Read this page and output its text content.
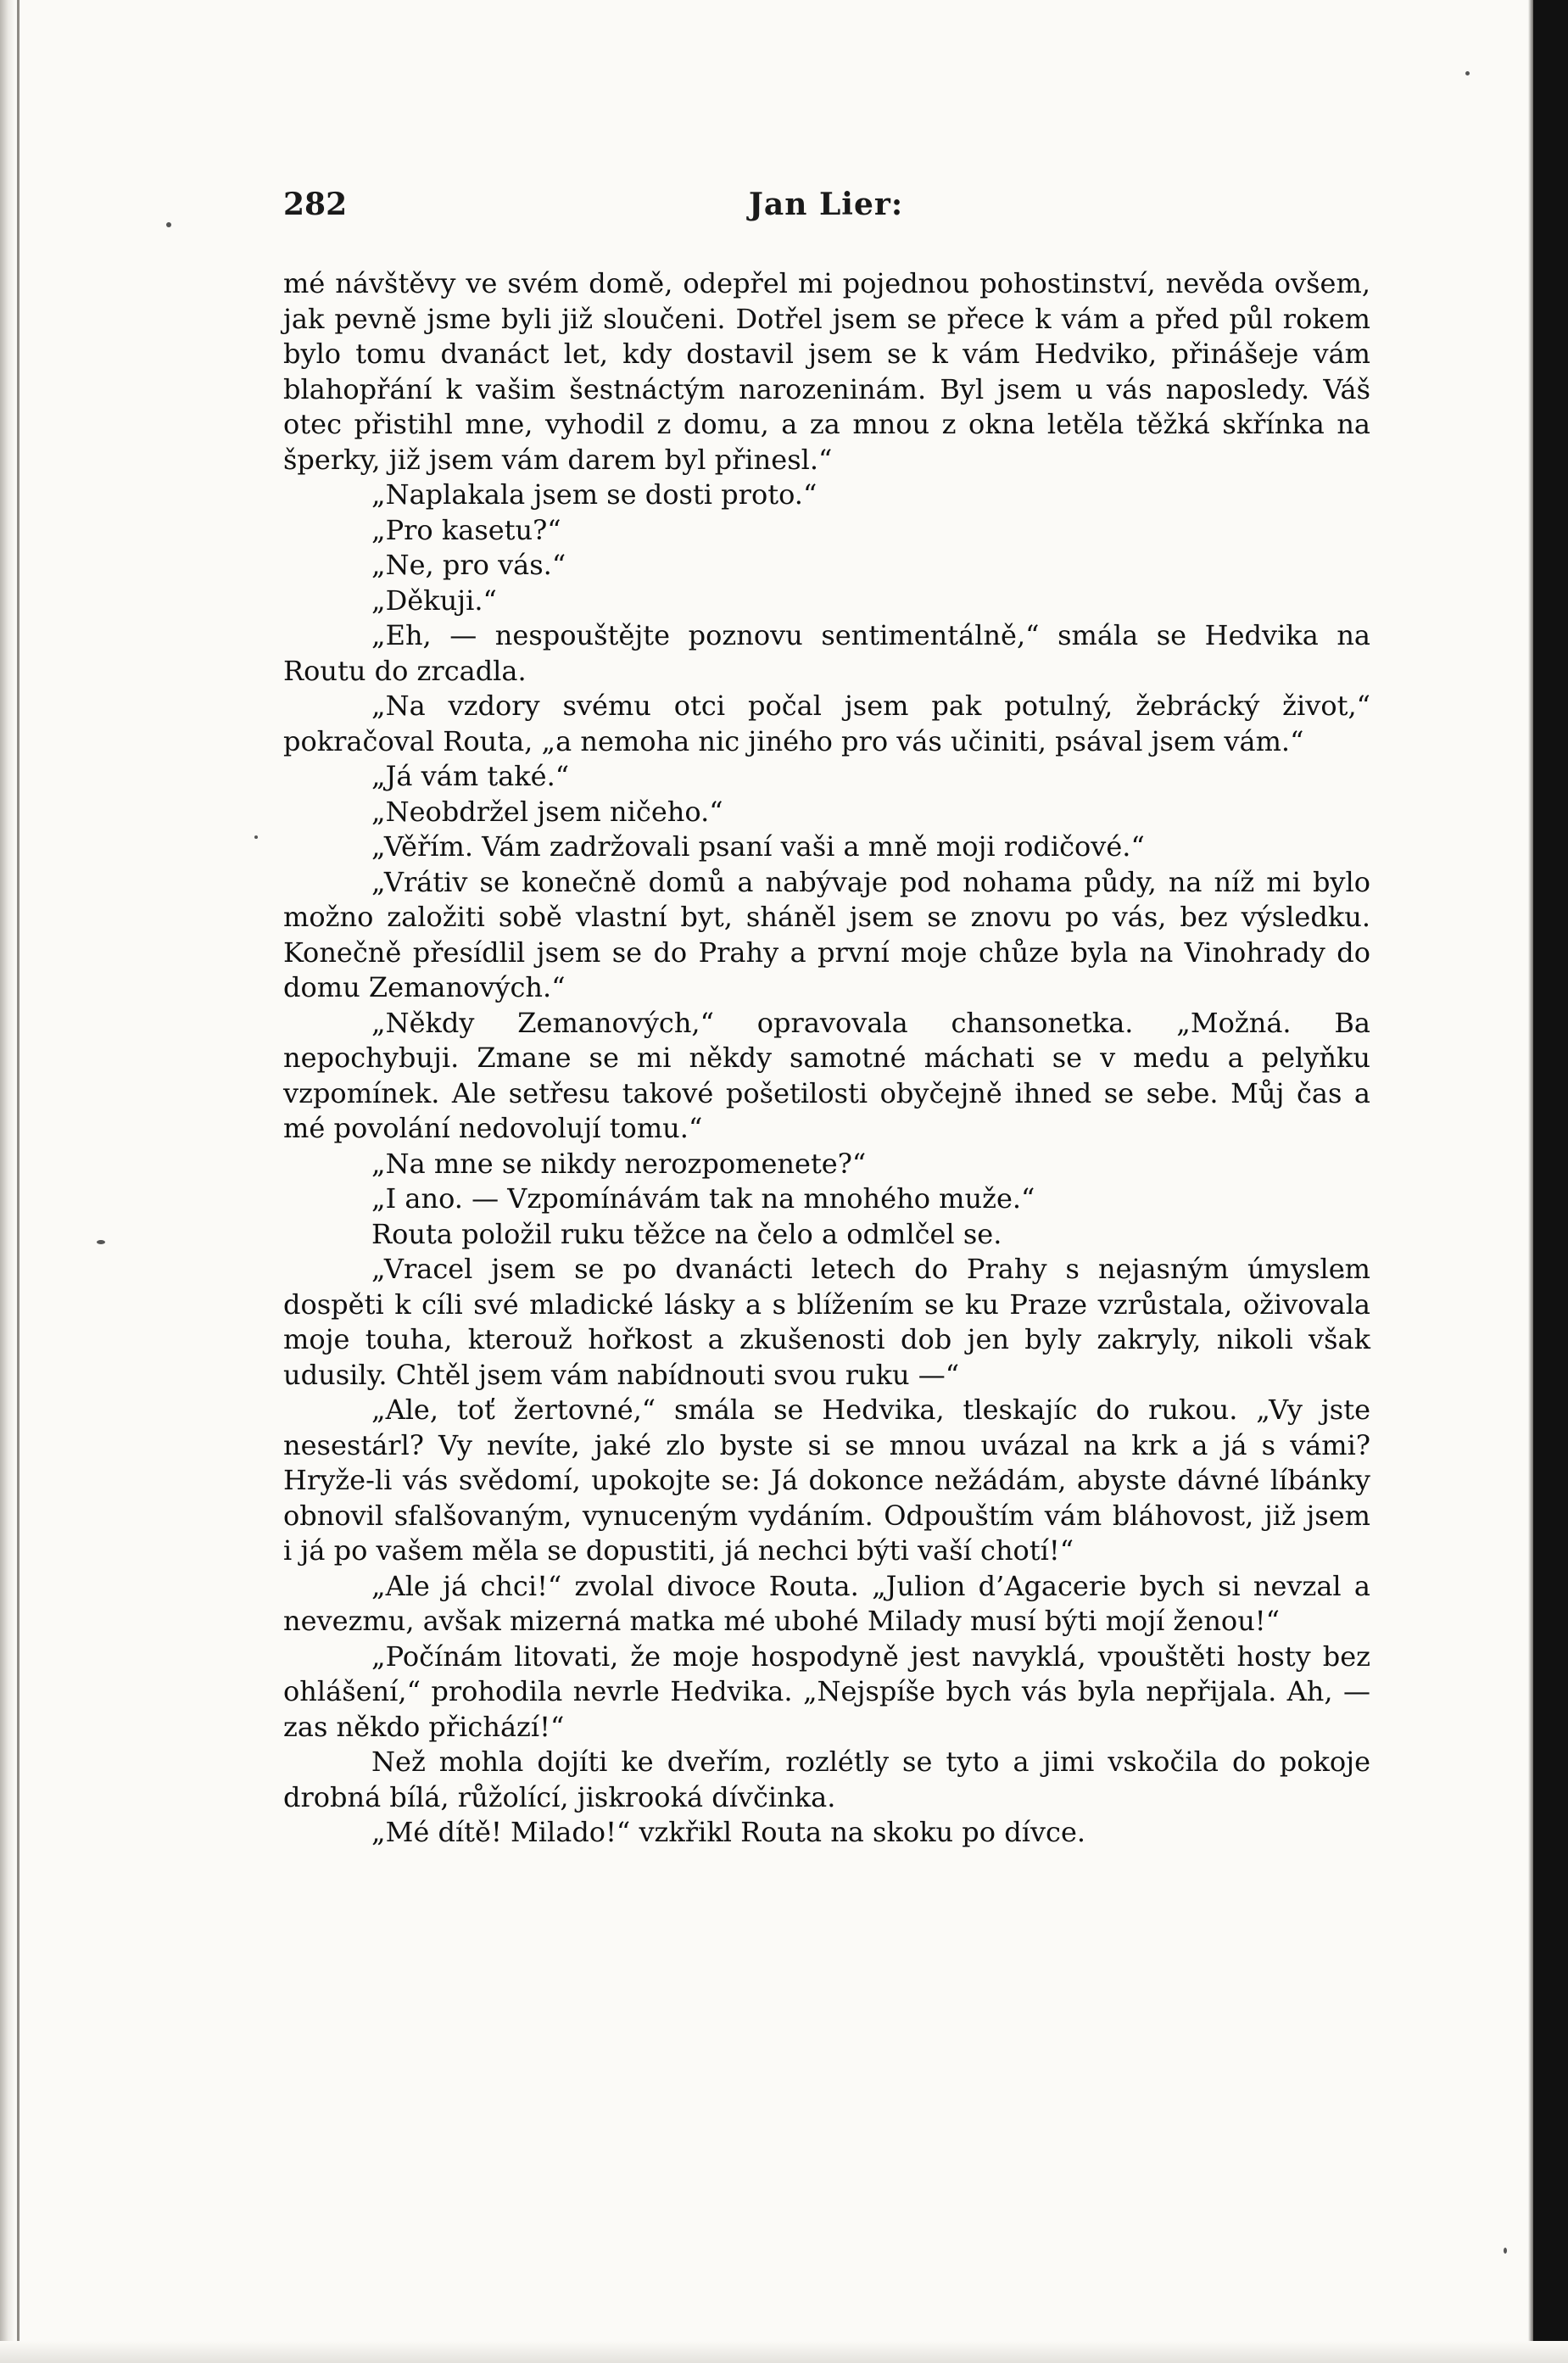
282	Jan Lier:

mé návštěvy ve svém domě, odepřel mi pojednou pohostinství, nevěda ovšem, jak pevně jsme byli již sloučeni. Dotřel jsem se přece k vám a před půl rokem bylo tomu dvanáct let, kdy dostavil jsem se k vám Hedviko, přinášeje vám blahopřání k vašim šestnáctým narozeninám. Byl jsem u vás naposledy. Váš otec přistihl mne, vyhodil z domu, a za mnou z okna letěla těžká skřínka na šperky, již jsem vám darem byl přinesl.“

„Naplakala jsem se dosti proto.“

„Pro kasetu?“

„Ne, pro vás.“

„Děkuji.“

„Eh, — nespouštějte poznovu sentimentálně,“ smála se Hedvika na Routu do zrcadla.

„Na vzdory svému otci počal jsem pak potulný, žebrácký život,“ pokračoval Routa, „a nemoha nic jiného pro vás učiniti, psával jsem vám.“

„Já vám také.“

„Neobdržel jsem ničeho.“

„Věřím. Vám zadržovali psaní vaši a mně moji rodičové.“

„Vrátiv se konečně domů a nabývaje pod nohama půdy, na níž mi bylo možno založiti sobě vlastní byt, sháněl jsem se znovu po vás, bez výsledku. Konečně přesídlil jsem se do Prahy a první moje chůze byla na Vinohrady do domu Zemanových.“

„Někdy Zemanových,“ opravovala chansonetka. „Možná. Ba nepochybuji. Zmane se mi někdy samotné máchati se v medu a pelyňku vzpomínek. Ale setřesu takové pošetilosti obyčejně ihned se sebe. Můj čas a mé povolání nedovolují tomu.“

„Na mne se nikdy nerozpomenete?“

„I ano. — Vzpomínávám tak na mnohého muže.“

Routa položil ruku těžce na čelo a odmlčel se.

„Vracel jsem se po dvanácti letech do Prahy s nejasným úmyslem dospěti k cíli své mladické lásky a s blížením se ku Praze vzrůstala, oživovala moje touha, kterouž hořkost a zkušenosti dob jen byly zakryly, nikoli však udusily. Chtěl jsem vám nabídnouti svou ruku —“

„Ale, toť žertovné,“ smála se Hedvika, tleskajíc do rukou. „Vy jste nesestárl? Vy nevíte, jaké zlo byste si se mnou uvázal na krk a já s vámi? Hryže-li vás svědomí, upokojte se: Já dokonce nežádám, abyste dávné líbánky obnovil sfalšovaným, vynuceným vydáním. Odpouštím vám bláhovost, již jsem i já po vašem měla se dopustiti, já nechci býti vaší chotí!“

„Ale já chci!“ zvolal divoce Routa. „Julion d’Agacerie bych si nevzal a nevezmu, avšak mizerná matka mé ubohé Milady musí býti mojí ženou!“

„Počínám litovati, že moje hospodyně jest navyklá, vpouštěti hosty bez ohlášení,“ prohodila nevrle Hedvika. „Nejspíše bych vás byla nepřijala. Ah, — zas někdo přichází!“

Než mohla dojíti ke dveřím, rozlétly se tyto a jimi vskočila do pokoje drobná bílá, růžolící, jiskrooká dívčinka.

„Mé dítě! Milado!“ vzkřikl Routa na skoku po dívce.
